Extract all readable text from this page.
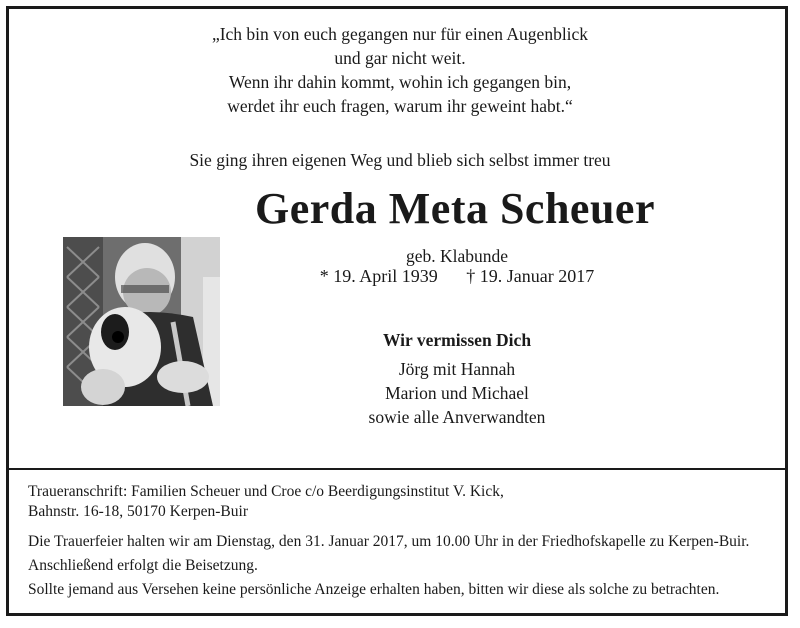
„Ich bin von euch gegangen nur für einen Augenblick
und gar nicht weit.
Wenn ihr dahin kommt, wohin ich gegangen bin,
werdet ihr euch fragen, warum ihr geweint habt.“
Sie ging ihren eigenen Weg und blieb sich selbst immer treu
Gerda Meta Scheuer
geb. Klabunde
* 19. April 1939 † 19. Januar 2017
Wir vermissen Dich
Jörg mit Hannah
Marion und Michael
sowie alle Anverwandten
Traueranschrift: Familien Scheuer und Croe c/o Beerdigungsinstitut V. Kick,
Bahnstr. 16-18, 50170 Kerpen-Buir
Die Trauerfeier halten wir am Dienstag, den 31. Januar 2017, um 10.00 Uhr in der Friedhofskapelle zu Kerpen-Buir.
Anschließend erfolgt die Beisetzung.
Sollte jemand aus Versehen keine persönliche Anzeige erhalten haben, bitten wir diese als solche zu betrachten.
